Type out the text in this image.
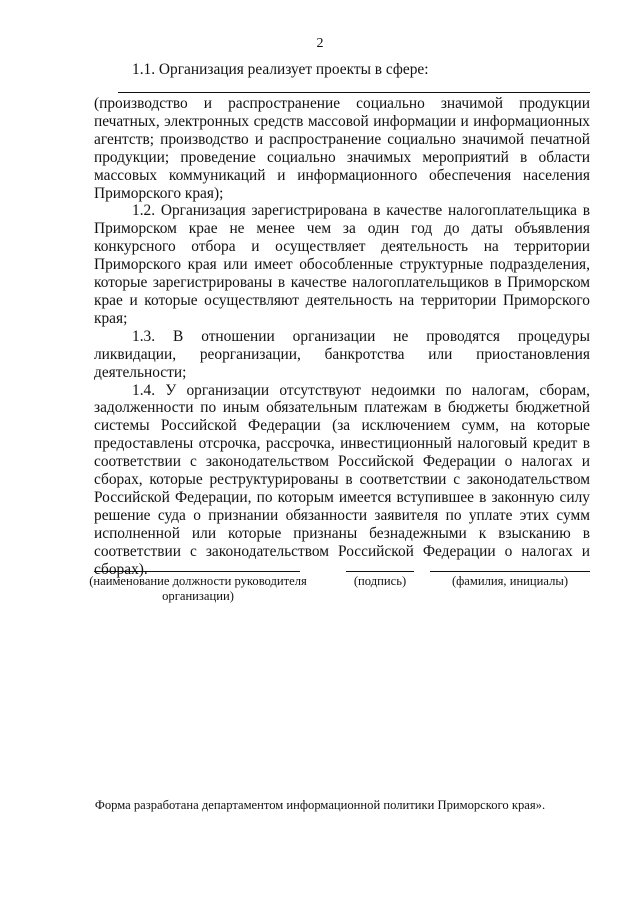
2

1.1. Организация реализует проекты в сфере:

(производство и распространение социально значимой продукции печатных, электронных средств массовой информации и информационных агентств; производство и распространение социально значимой печатной продукции; проведение социально значимых мероприятий в области массовых коммуникаций и информационного обеспечения населения Приморского края);

1.2. Организация зарегистрирована в качестве налогоплательщика в Приморском крае не менее чем за один год до даты объявления конкурсного отбора и осуществляет деятельность на территории Приморского края или имеет обособленные структурные подразделения, которые зарегистрированы в качестве налогоплательщиков в Приморском крае и которые осуществляют деятельность на территории Приморского края;

1.3. В отношении организации не проводятся процедуры ликвидации, реорганизации, банкротства или приостановления деятельности;

1.4. У организации отсутствуют недоимки по налогам, сборам, задолженности по иным обязательным платежам в бюджеты бюджетной системы Российской Федерации (за исключением сумм, на которые предоставлены отсрочка, рассрочка, инвестиционный налоговый кредит в соответствии с законодательством Российской Федерации о налогах и сборах, которые реструктурированы в соответствии с законодательством Российской Федерации, по которым имеется вступившее в законную силу решение суда о признании обязанности заявителя по уплате этих сумм исполненной или которые признаны безнадежными к взысканию в соответствии с законодательством Российской Федерации о налогах и сборах).

(наименование должности руководителя организации)
(подпись)	(фамилия, инициалы)
Форма разработана департаментом информационной политики Приморского края».
